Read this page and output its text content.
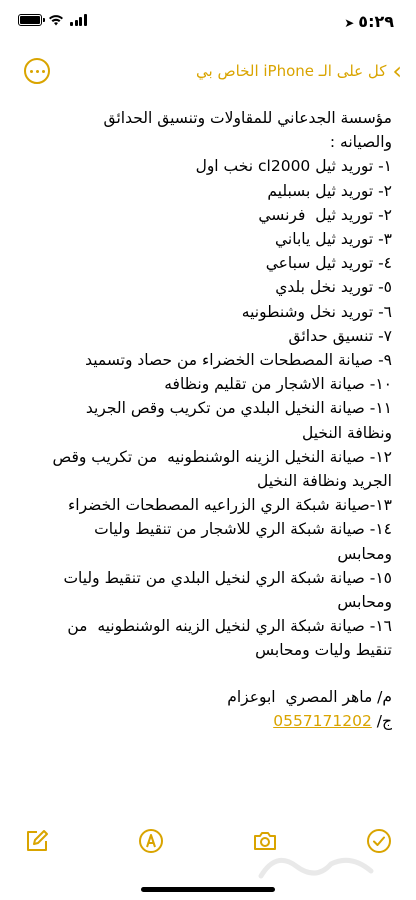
➤ ٥:٢٩
›
كل على الـ iPhone الخاص بي
مؤسسة الجدعاني للمقاولات وتنسيق الحدائق
والصيانه :
١- توريد ثيل cl2000 نخب اول
٢- توريد ثيل بسبليم
٢- توريد ثيل  فرنسي
٣- توريد ثيل ياباني
٤- توريد ثيل سباعي
٥- توريد نخل بلدي
٦- توريد نخل وشنطونيه
٧- تنسيق حدائق
٩- صيانة المصطحات الخضراء من حصاد وتسميد
١٠- صيانة الاشجار من تقليم ونظافه
١١- صيانة النخيل البلدي من تكريب وقص الجريد
ونظافة النخيل
١٢- صيانة النخيل الزينه الوشنطونيه  من تكريب وقص
الجريد ونظافة النخيل
١٣-صيانة شبكة الري الزراعيه المصطحات الخضراء
١٤- صيانة شبكة الري للاشجار من تنقيط وليات
ومحابس
١٥- صيانة شبكة الري لنخيل البلدي من تنقيط وليات
ومحابس
١٦- صيانة شبكة الري لنخيل الزينه الوشنطونيه  من
تنقيط وليات ومحابس
م/ ماهر المصري  ابوعزام
ج/ 0557171202
